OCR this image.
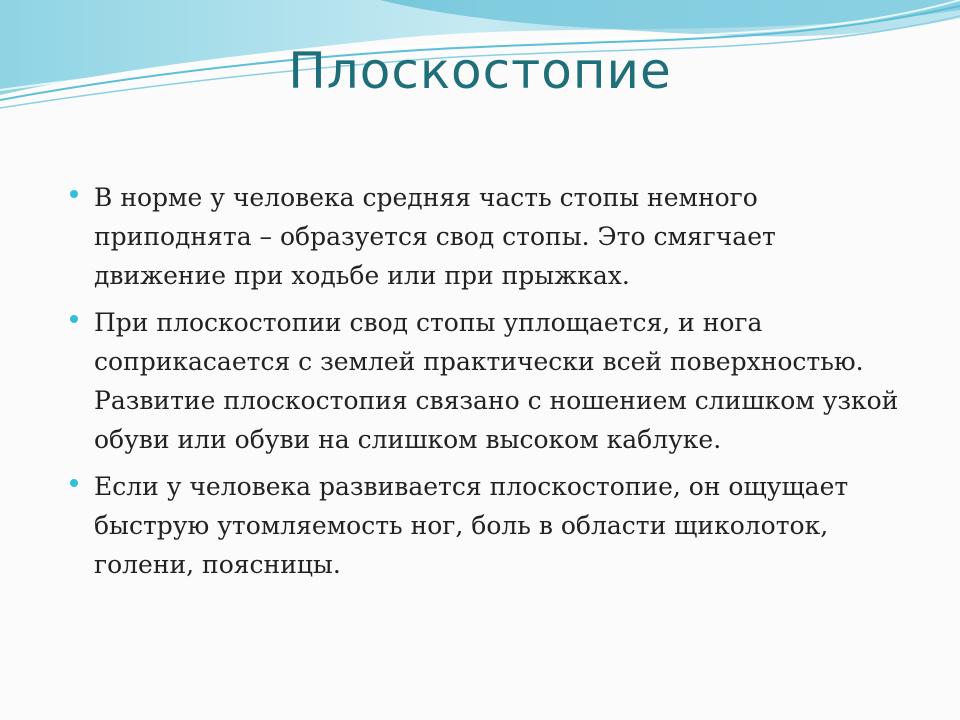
Плоскостопие
В норме у человека средняя часть стопы немного приподнята – образуется свод стопы. Это смягчает движение при ходьбе или при прыжках.
При плоскостопии свод стопы уплощается, и нога соприкасается с землей практически всей поверхностью. Развитие плоскостопия связано с ношением слишком узкой обуви или обуви на слишком высоком каблуке.
Если у человека развивается плоскостопие, он ощущает быструю утомляемость ног, боль в области щиколоток, голени, поясницы.
